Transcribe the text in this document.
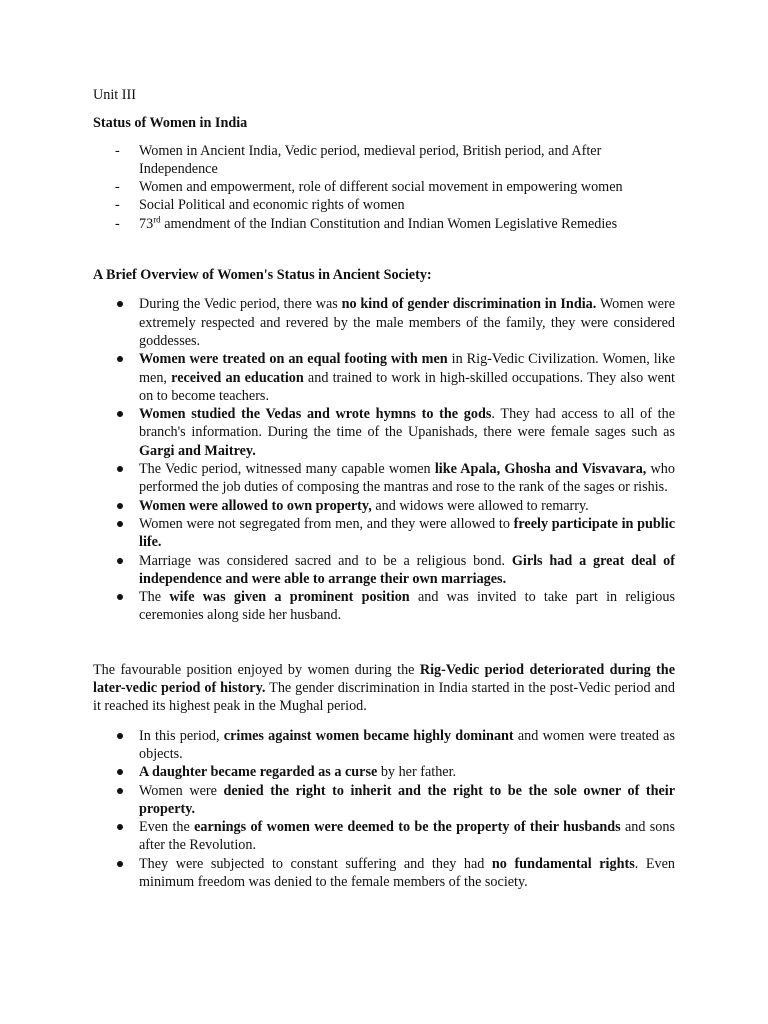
Unit III

Status of Women in India

- Women in Ancient India, Vedic period, medieval period, British period, and After Independence
- Women and empowerment, role of different social movement in empowering women
- Social Political and economic rights of women
- 73rd amendment of the Indian Constitution and Indian Women Legislative Remedies

A Brief Overview of Women's Status in Ancient Society:

During the Vedic period, there was no kind of gender discrimination in India. Women were extremely respected and revered by the male members of the family, they were considered goddesses.
Women were treated on an equal footing with men in Rig-Vedic Civilization. Women, like men, received an education and trained to work in high-skilled occupations. They also went on to become teachers.
Women studied the Vedas and wrote hymns to the gods. They had access to all of the branch's information. During the time of the Upanishads, there were female sages such as Gargi and Maitrey.
The Vedic period, witnessed many capable women like Apala, Ghosha and Visvavara, who performed the job duties of composing the mantras and rose to the rank of the sages or rishis.
Women were allowed to own property, and widows were allowed to remarry.
Women were not segregated from men, and they were allowed to freely participate in public life.
Marriage was considered sacred and to be a religious bond. Girls had a great deal of independence and were able to arrange their own marriages.
The wife was given a prominent position and was invited to take part in religious ceremonies along side her husband.

The favourable position enjoyed by women during the Rig-Vedic period deteriorated during the later-vedic period of history. The gender discrimination in India started in the post-Vedic period and it reached its highest peak in the Mughal period.

In this period, crimes against women became highly dominant and women were treated as objects.
A daughter became regarded as a curse by her father.
Women were denied the right to inherit and the right to be the sole owner of their property.
Even the earnings of women were deemed to be the property of their husbands and sons after the Revolution.
They were subjected to constant suffering and they had no fundamental rights. Even minimum freedom was denied to the female members of the society.
